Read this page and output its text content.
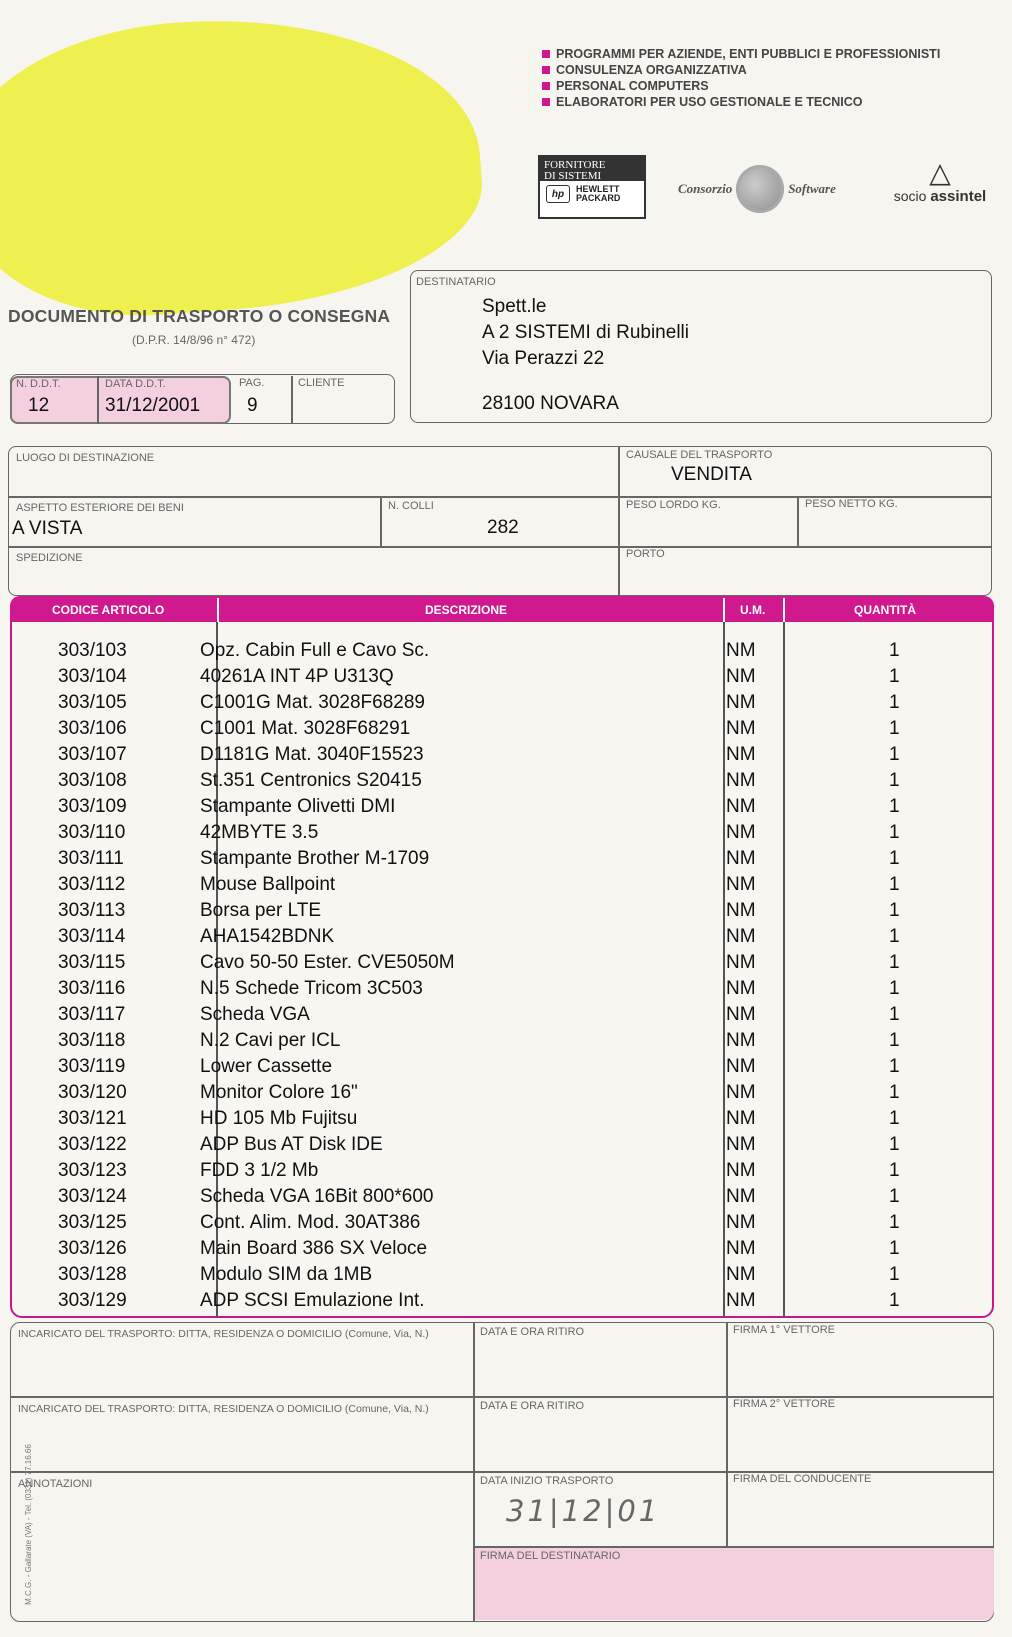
PROGRAMMI PER AZIENDE, ENTI PUBBLICI E PROFESSIONISTI
CONSULENZA ORGANIZZATIVA
PERSONAL COMPUTERS
ELABORATORI PER USO GESTIONALE E TECNICO
FORNITORE
DI SISTEMI
hp	HEWLETT
PACKARD
Consorzio	Software
△
socio assintel
DOCUMENTO DI TRASPORTO O CONSEGNA
(D.P.R. 14/8/96 n° 472)
N. D.D.T.
12
DATA D.D.T.
31/12/2001
PAG.
9
CLIENTE
DESTINATARIO
Spett.le
A 2 SISTEMI di Rubinelli
Via Perazzi 22
28100 NOVARA
LUOGO DI DESTINAZIONE	CAUSALE DEL TRASPORTO
VENDITA
ASPETTO ESTERIORE DEI BENI
A VISTA
N. COLLI
282
PESO LORDO KG.	PESO NETTO KG.
SPEDIZIONE	PORTO
CODICE ARTICOLO	DESCRIZIONE	U.M.	QUANTITÀ
303/103	Opz. Cabin Full e Cavo Sc.	NM	1
303/104	40261A INT 4P U313Q	NM	1
303/105	C1001G Mat. 3028F68289	NM	1
303/106	C1001 Mat. 3028F68291	NM	1
303/107	D1181G Mat. 3040F15523	NM	1
303/108	St.351 Centronics S20415	NM	1
303/109	Stampante Olivetti DMI	NM	1
303/110	42MBYTE 3.5	NM	1
303/111	Stampante Brother M-1709	NM	1
303/112	Mouse Ballpoint	NM	1
303/113	Borsa per LTE	NM	1
303/114	AHA1542BDNK	NM	1
303/115	Cavo 50-50 Ester. CVE5050M	NM	1
303/116	N.5 Schede Tricom 3C503	NM	1
303/117	Scheda VGA	NM	1
303/118	N.2 Cavi per ICL	NM	1
303/119	Lower Cassette	NM	1
303/120	Monitor Colore 16"	NM	1
303/121	HD 105 Mb Fujitsu	NM	1
303/122	ADP Bus AT Disk IDE	NM	1
303/123	FDD 3 1/2 Mb	NM	1
303/124	Scheda VGA 16Bit 800*600	NM	1
303/125	Cont. Alim. Mod. 30AT386	NM	1
303/126	Main Board 386 SX Veloce	NM	1
303/128	Modulo SIM da 1MB	NM	1
303/129	ADP SCSI Emulazione Int.	NM	1
INCARICATO DEL TRASPORTO: DITTA, RESIDENZA O DOMICILIO (Comune, Via, N.)	DATA E ORA RITIRO	FIRMA 1° VETTORE
INCARICATO DEL TRASPORTO: DITTA, RESIDENZA O DOMICILIO (Comune, Via, N.)	DATA E ORA RITIRO	FIRMA 2° VETTORE
ANNOTAZIONI	DATA INIZIO TRASPORTO
31|12|01
FIRMA DEL CONDUCENTE
FIRMA DEL DESTINATARIO
M.C.G. - Gallarate (VA) - Tel. (0331) 77.16.66
